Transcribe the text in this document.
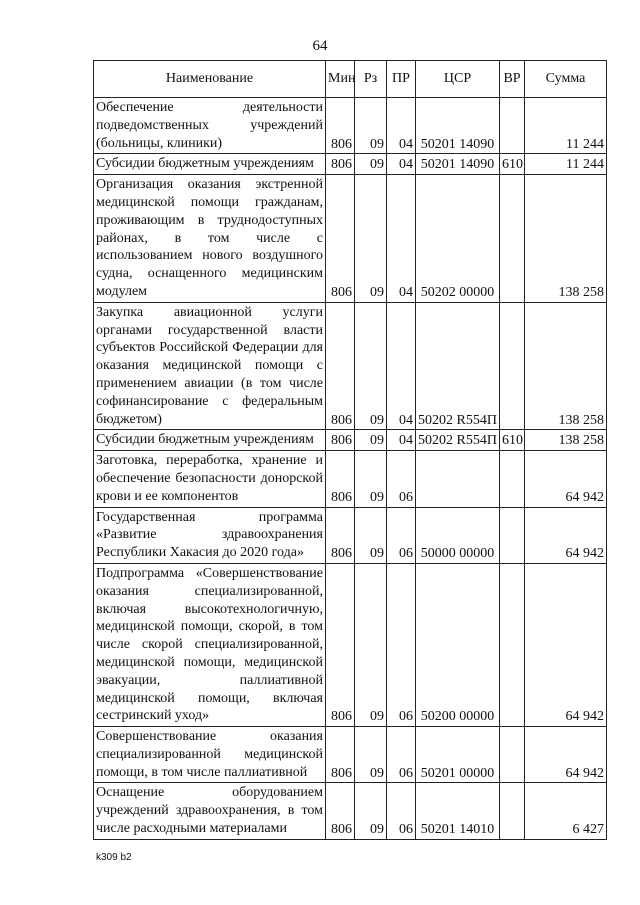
64
Наименование	Мин	Рз	ПР	ЦСР	ВР	Сумма
Обеспечение деятельности подведомственных учреждений (больницы, клиники)	806	09	04	50201 14090		11 244
Субсидии бюджетным учреждениям	806	09	04	50201 14090	610	11 244
Организация оказания экстренной медицинской помощи гражданам, проживающим в труднодоступных районах, в том числе с использованием нового воздушного судна, оснащенного медицинским модулем	806	09	04	50202 00000		138 258
Закупка авиационной услуги органами государственной власти субъектов Российской Федерации для оказания медицинской помощи с применением авиации (в том числе софинансирование с федеральным бюджетом)	806	09	04	50202 R554П		138 258
Субсидии бюджетным учреждениям	806	09	04	50202 R554П	610	138 258
Заготовка, переработка, хранение и обеспечение безопасности донорской крови и ее компонентов	806	09	06			64 942
Государственная программа «Развитие здравоохранения Республики Хакасия до 2020 года»	806	09	06	50000 00000		64 942
Подпрограмма «Совершенствование оказания специализированной, включая высокотехнологичную, медицинской помощи, скорой, в том числе скорой специализированной, медицинской помощи, медицинской эвакуации, паллиативной медицинской помощи, включая сестринский уход»	806	09	06	50200 00000		64 942
Совершенствование оказания специализированной медицинской помощи, в том числе паллиативной	806	09	06	50201 00000		64 942
Оснащение оборудованием учреждений здравоохранения, в том числе расходными материалами	806	09	06	50201 14010		6 427
k309 b2
